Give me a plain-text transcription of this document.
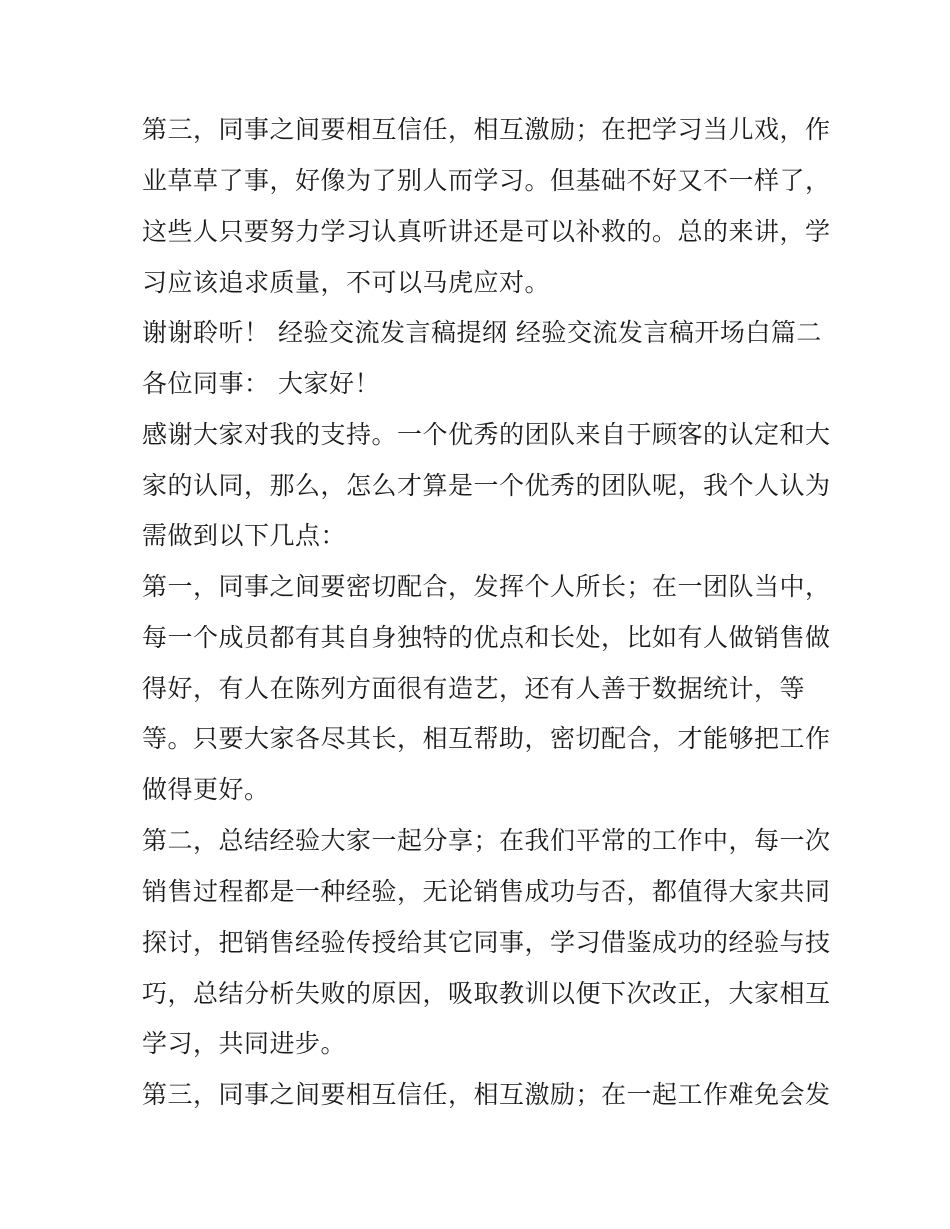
第三，同事之间要相互信任，相互激励；在把学习当儿戏，作
业草草了事，好像为了别人而学习。但基础不好又不一样了，
这些人只要努力学习认真听讲还是可以补救的。总的来讲，学
习应该追求质量，不可以马虎应对。
谢谢聆听！ 经验交流发言稿提纲 经验交流发言稿开场白篇二
各位同事： 大家好！
感谢大家对我的支持。一个优秀的团队来自于顾客的认定和大
家的认同，那么，怎么才算是一个优秀的团队呢，我个人认为
需做到以下几点：
第一，同事之间要密切配合，发挥个人所长；在一团队当中，
每一个成员都有其自身独特的优点和长处，比如有人做销售做
得好，有人在陈列方面很有造艺，还有人善于数据统计，等
等。只要大家各尽其长，相互帮助，密切配合，才能够把工作
做得更好。
第二，总结经验大家一起分享；在我们平常的工作中，每一次
销售过程都是一种经验，无论销售成功与否，都值得大家共同
探讨，把销售经验传授给其它同事，学习借鉴成功的经验与技
巧，总结分析失败的原因，吸取教训以便下次改正，大家相互
学习，共同进步。
第三，同事之间要相互信任，相互激励；在一起工作难免会发
